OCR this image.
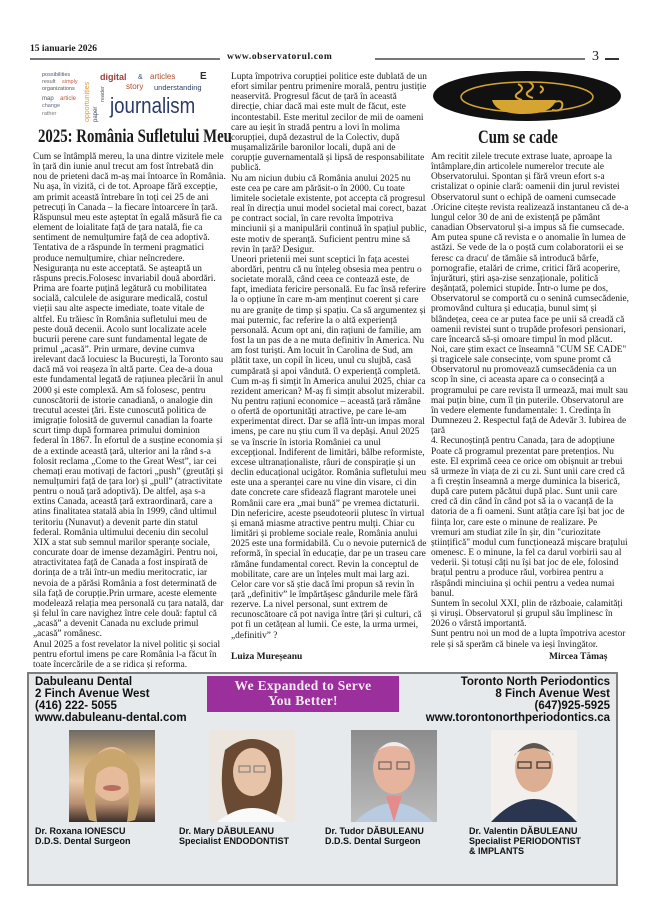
15 ianuarie 2026
www.observatorul.com	3
possibilities
result simply
organizations opportunities paper
digital
reader
rather
map article
change
&
story
articles E
understanding
journalism
2025: România Sufletului Meu

Cum se întâmplă mereu, la una dintre vizitele mele în țară din iunie anul trecut am fost întrebată din nou de prieteni dacă m-aș mai întoarce în România. Nu așa, în vizită, ci de tot. Aproape fără excepție, am primit această întrebare în toți cei 25 de ani petrecuți în Canada – la fiecare întoarcere în țară. Răspunsul meu este așteptat în egală măsură fie ca element de loialitate față de țara natală, fie ca sentiment de nemulțumire față de cea adoptivă. Tentativa de a răspunde în termeni pragmatici produce nemulțumire, chiar neîncredere. Nesiguranța nu este acceptată. Se așteaptă un răspuns precis.Folosesc invariabil două abordări. Prima are foarte puțină legătură cu mobilitatea socială, calculele de asigurare medicală, costul vieții sau alte aspecte imediate, toate vitale de altfel. Eu trăiesc în România sufletului meu de peste două decenii. Acolo sunt localizate acele bucurii perene care sunt fundamental legate de primul „acasă”. Prin urmare, devine cumva irelevant dacă locuiesc la București, la Toronto sau dacă mă voi reașeza în altă parte. Cea de-a doua este fundamental legată de rațiunea plecării în anul 2000 și este complexă. Am să folosesc, pentru cunoscătorii de istorie canadiană, o analogie din trecutul acestei țări. Este cunoscută politica de imigrație folosită de guvernul canadian la foarte scurt timp după formarea primului dominion federal în 1867. În efortul de a susține economia și de a extinde această țară, ulterior ani la rând s-a folosit reclama „Come to the Great West”, iar cei chemați erau motivați de factori „push” (greutăți și nemulțumiri față de țara lor) și „pull” (atractivitate pentru o nouă țară adoptivă). De altfel, așa s-a extins Canada, această țară extraordinară, care a atins finalitatea statală abia în 1999, când ultimul teritoriu (Nunavut) a devenit parte din statul federal. România ultimului deceniu din secolul XIX a stat sub semnul marilor speranțe sociale, concurate doar de imense dezamăgiri. Pentru noi, atractivitatea față de Canada a fost inspirată de dorința de a trăi într-un mediu meritocratic, iar nevoia de a părăsi România a fost determinată de sila față de corupție.Prin urmare, aceste elemente modelează relația mea personală cu țara natală, dar și felul în care navighez între cele două: faptul că „acasă” a devenit Canada nu exclude primul „acasă” românesc.

Anul 2025 a fost revelator la nivel politic și social pentru efortul imens pe care România l-a făcut în toate încercările de a se ridica și reforma.

Lupta împotriva corupției politice este dublată de un efort similar pentru primenire morală, pentru justiție neaservită. Progresul făcut de țară în această direcție, chiar dacă mai este mult de făcut, este incontestabil. Este meritul zecilor de mii de oameni care au ieșit în stradă pentru a lovi în molima corupției, după dezastrul de la Colectiv, după mușamalizările baronilor locali, după ani de corupție guvernamentală și lipsă de responsabilitate publică.

Nu am niciun dubiu că România anului 2025 nu este cea pe care am părăsit-o în 2000. Cu toate limitele societale existente, pot accepta că progresul real în direcția unui model societal mai corect, bazat pe contract social, în care revolta împotriva minciunii și a manipulării continuă în spațiul public, este motiv de speranță. Suficient pentru mine să revin în țară? Desigur.

Uneori prietenii mei sunt sceptici în fața acestei abordări, pentru că nu înțeleg obsesia mea pentru o societate morală, când ceea ce contează este, de fapt, imediata fericire personală. Eu fac însă referire la o opțiune în care m-am menținut coerent și care nu are granițe de timp și spațiu. Ca să argumentez și mai puternic, fac referire la o altă experiență personală. Acum opt ani, din rațiuni de familie, am fost la un pas de a ne muta definitiv în America. Nu am fost turiști. Am locuit în Carolina de Sud, am plătit taxe, un copil în liceu, unul cu slujbă, casă cumpărată și apoi vândută. O experiență completă. Cum m-aș fi simțit în America anului 2025, chiar ca rezident american? M-aș fi simțit absolut mizerabil. Nu pentru rațiuni economice – această țară rămâne o ofertă de oportunități atractive, pe care le-am experimentat direct. Dar se află într-un impas moral imens, pe care nu știu cum îl va depăși. Anul 2025 se va înscrie în istoria României ca unul excepțional. Indiferent de limitări, bâlbe reformiste, excese ultranaționaliste, râuri de conspirație și un declin educațional ucigător. România sufletului meu este una a speranței care nu vine din visare, ci din date concrete care sfidează flagrant marotele unei Românii care era „mai bună” pe vremea dictaturii. Din nefericire, aceste pseudoteorii plutesc în virtual și emană miasme atractive pentru mulți. Chiar cu limitări și probleme sociale reale, România anului 2025 este una formidabilă. Cu o nevoie puternică de reformă, în special în educație, dar pe un traseu care rămâne fundamental corect. Revin la conceptul de mobilitate, care are un înțeles mult mai larg azi. Celor care vor să știe dacă îmi propun să revin în țară „definitiv” le împărtășesc gândurile mele fără rezerve. La nivel personal, sunt extrem de recunoscătoare că pot naviga între țări și culturi, că pot fi un cetățean al lumii. Ce este, la urma urmei, „definitiv” ?

Luiza Mureșeanu
Cum se cade

Am recitit zilele trecute extrase luate, aproape la întâmplare,din articolele numerelor trecute ale Observatorului. Spontan și fără vreun efort s-a cristalizat o opinie clară: oamenii din jurul revistei Observatorul sunt o echipă de oameni cumsecade .Oricine citește revista realizează instantaneu că de-a lungul celor 30 de ani de existență pe pământ canadian Observatorul și-a impus să fie cumsecade. Am putea spune că revista e o anomalie în lumea de astăzi. Se vede de la o poștă cum colaboratorii ei se feresc ca dracu' de tămâie să introducă bârfe, pornografie, etalări de crime, critici fără acoperire, înjurături, știri așa-zise senzaționale, politică deșănțată, polemici stupide. Într-o lume pe dos, Observatorul se comportă cu o senină cumsecădenie, promovând cultura și educația, bunul simț și blândețea, ceea ce ar putea face pe unii să creadă că oamenii revistei sunt o trupăde profesori pensionari, care încearcă să-și omoare timpul în mod plăcut.

Noi, care știm exact ce înseamnă "CUM SE CADE" și tragicele sale consecințe, vom spune promt că Observatorul nu promovează cumsecădenia ca un scop în sine, ci aceasta apare ca o consecință a programului pe care revista îl urmează, mai mult sau mai puțin bine, cum îl țin puterile. Observatorul are în vedere elemente fundamentale: 1. Credința în Dumnezeu 2. Respectul față de Adevăr 3. Iubirea de țară

4. Recunoștință pentru Canada, țara de adopțiune Poate că programul prezentat pare pretențios. Nu este. El exprimă ceea ce orice om obișnuit ar trebui să urmeze în viața de zi cu zi. Sunt unii care cred că a fi creștin înseamnă a merge duminica la biserică, după care putem păcătui după plac. Sunt unii care cred că din când în când pot să ia o vacanță de la datoria de a fi oameni. Sunt atâția care își bat joc de ființa lor, care este o minune de realizare. Pe vremuri am studiat zile în șir, din "curiozitate științifică" modul cum funcționează mișcare brațului omenesc. E o minune, la fel ca darul vorbirii sau al vederii. Și totuși câți nu își bat joc de ele, folosind brațul pentru a produce răul, vorbirea pentru a răspândi minciuina și ochii pentru a vedea numai banul.

Suntem în secolul XXI, plin de războaie, calamități și viruși. Observatorul și grupul său împlinesc în 2026 o vârstă importantă.

Sunt pentru noi un mod de a lupta împotriva acestor rele și să sperăm că binele va ieși învingător.

Mircea Tămaș
Dabuleanu Dental
2 Finch Avenue West
(416) 222- 5055
www.dabuleanu-dental.com
We Expanded to Serve
You Better!
Toronto North Periodontics
8 Finch Avenue West
(647)925-5925
www.torontonorthperiodontics.ca
Dr. Roxana IONESCU
D.D.S. Dental Surgeon
Dr. Mary DĂBULEANU
Specialist ENDODONTIST
Dr. Tudor DĂBULEANU
D.D.S. Dental Surgeon
Dr. Valentin DĂBULEANU
Specialist PERIODONTIST
& IMPLANTS
